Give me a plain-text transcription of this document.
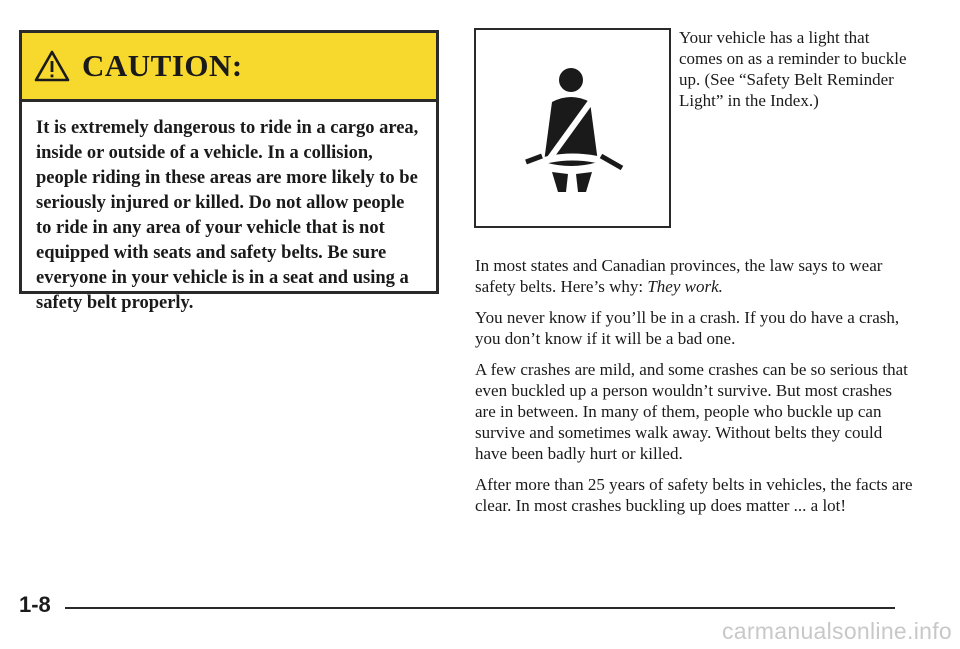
CAUTION:

It is extremely dangerous to ride in a cargo area, inside or outside of a vehicle. In a collision, people riding in these areas are more likely to be seriously injured or killed. Do not allow people to ride in any area of your vehicle that is not equipped with seats and safety belts. Be sure everyone in your vehicle is in a seat and using a safety belt properly.

Your vehicle has a light that comes on as a reminder to buckle up. (See “Safety Belt Reminder Light” in the Index.)

In most states and Canadian provinces, the law says to wear safety belts. Here’s why: They work.

You never know if you’ll be in a crash. If you do have a crash, you don’t know if it will be a bad one.

A few crashes are mild, and some crashes can be so serious that even buckled up a person wouldn’t survive. But most crashes are in between. In many of them, people who buckle up can survive and sometimes walk away. Without belts they could have been badly hurt or killed.

After more than 25 years of safety belts in vehicles, the facts are clear. In most crashes buckling up does matter ... a lot!

1-8
carmanualsonline.info
